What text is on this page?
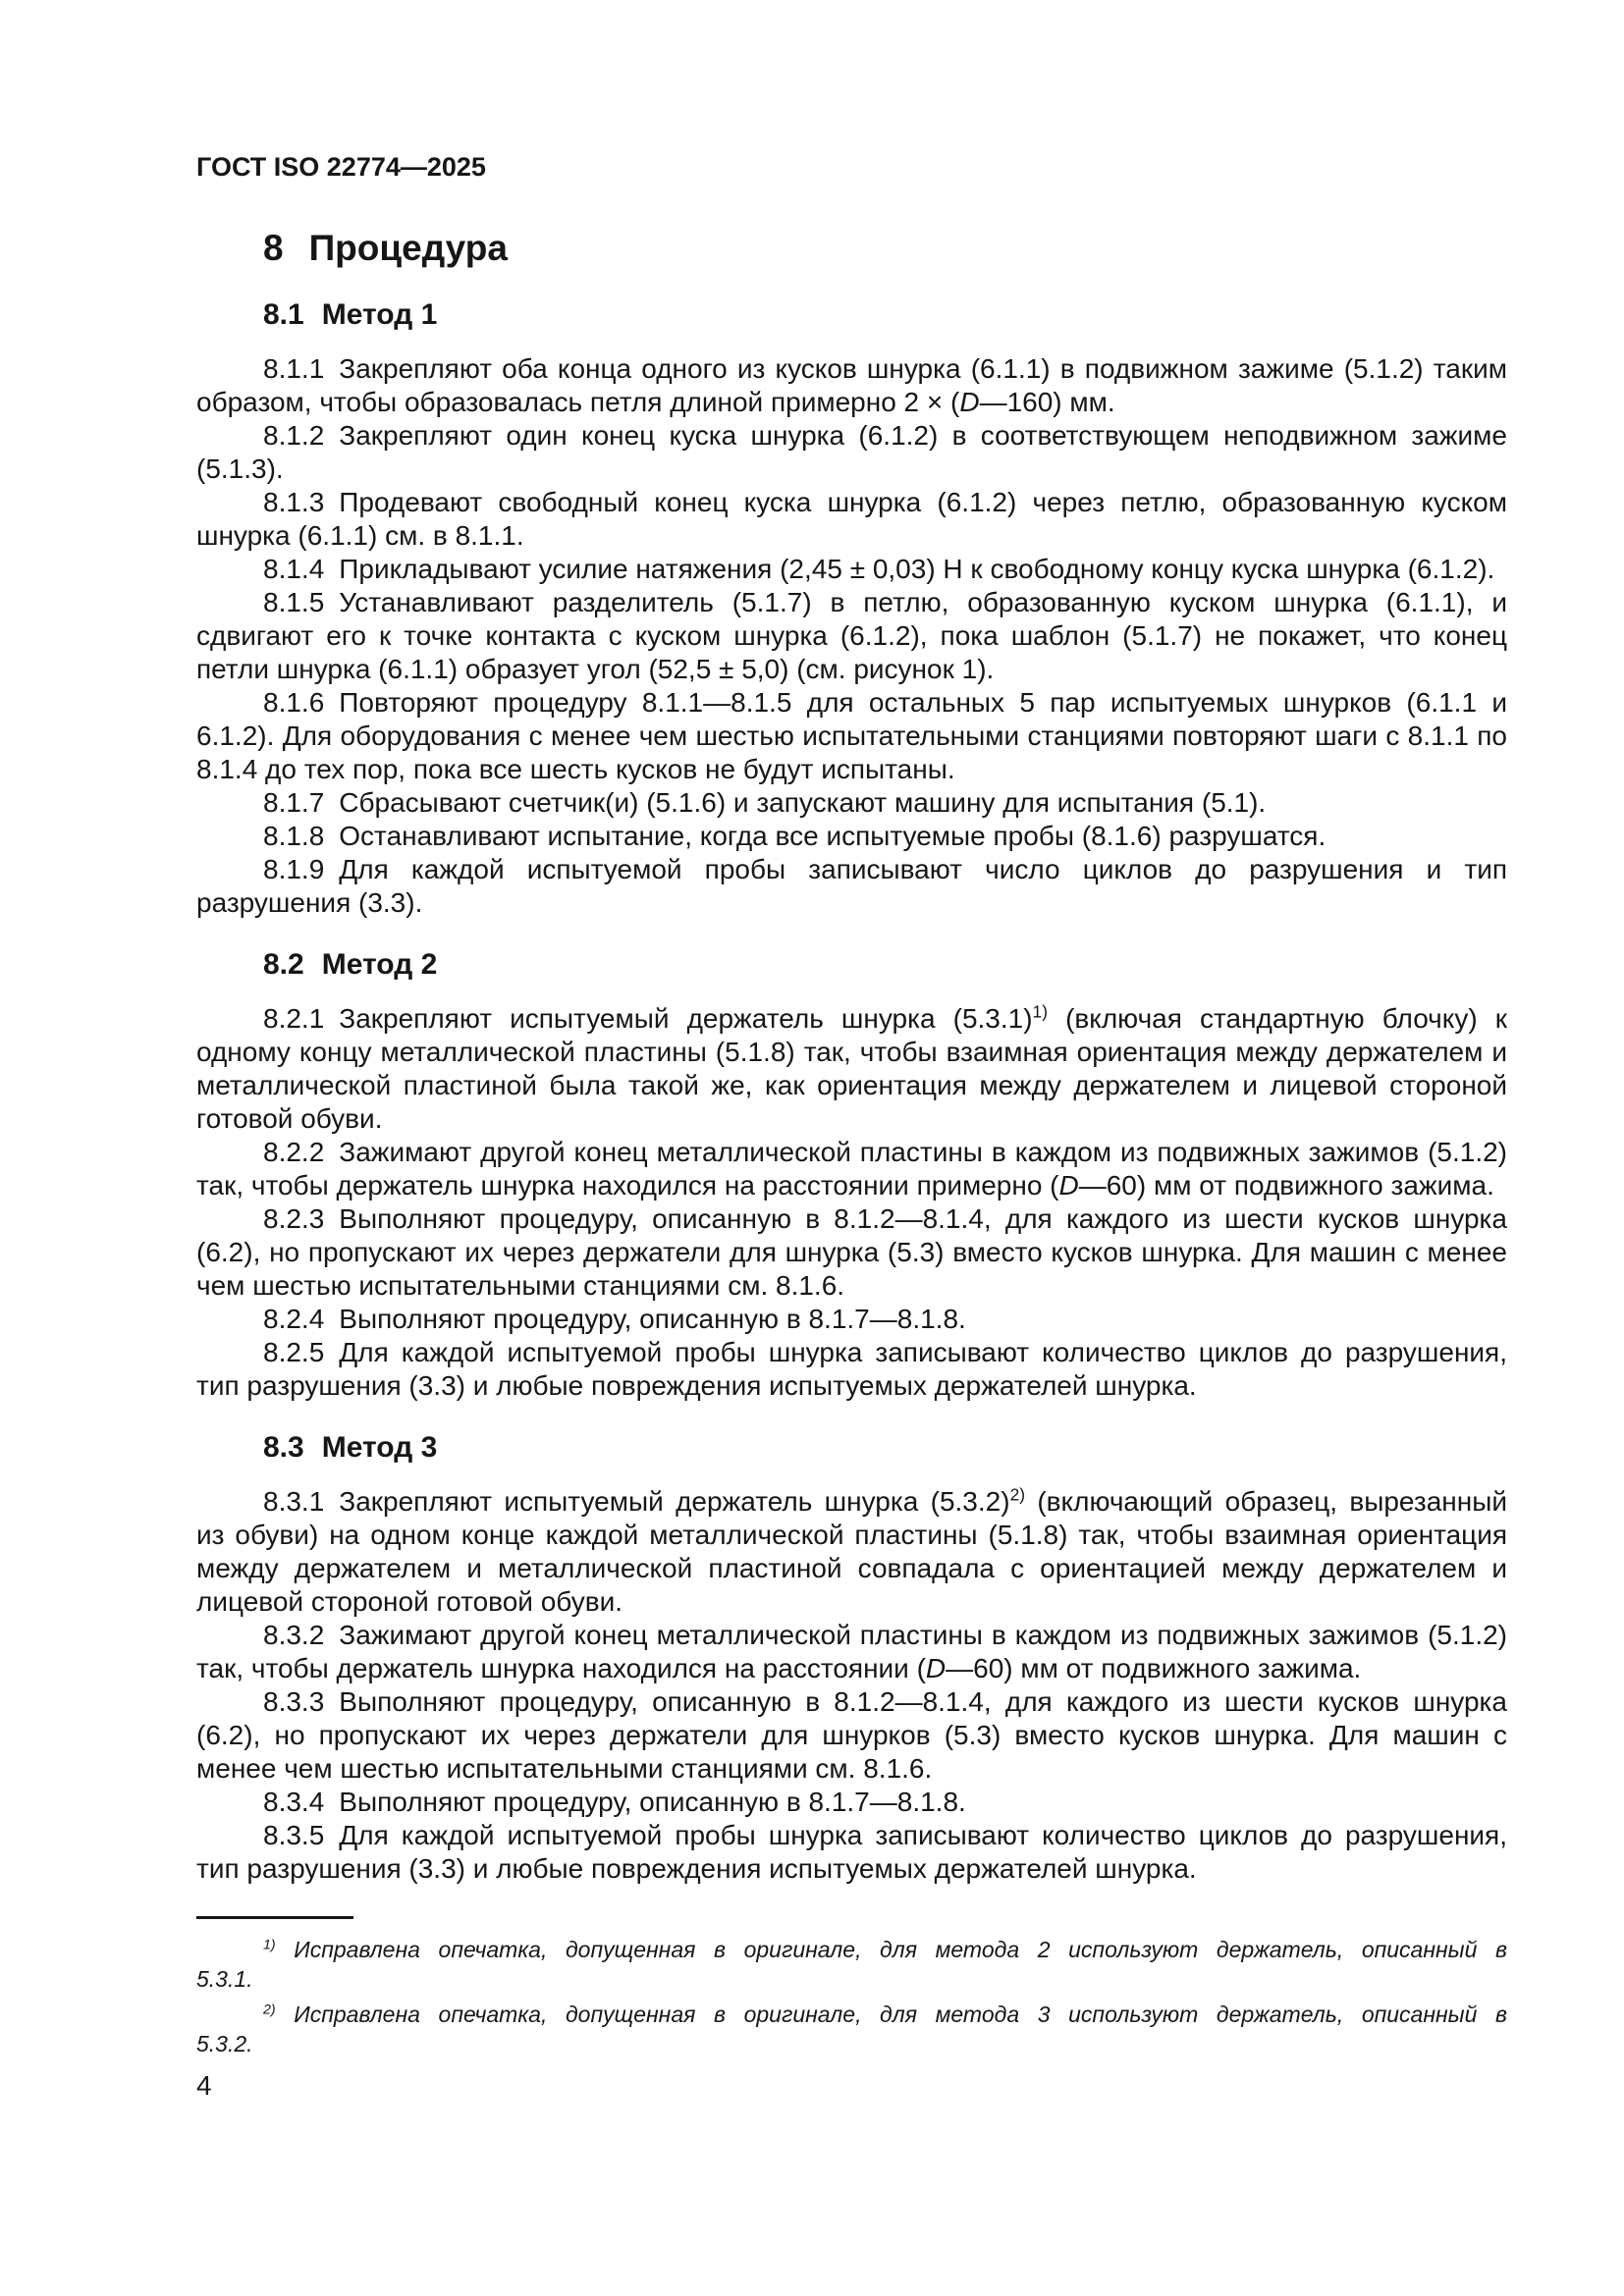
ГОСТ ISO 22774—2025
8 Процедура
8.1 Метод 1

8.1.1 Закрепляют оба конца одного из кусков шнурка (6.1.1) в подвижном зажиме (5.1.2) таким образом, чтобы образовалась петля длиной примерно 2 × (D—160) мм.

8.1.2 Закрепляют один конец куска шнурка (6.1.2) в соответствующем неподвижном зажиме (5.1.3).

8.1.3 Продевают свободный конец куска шнурка (6.1.2) через петлю, образованную куском шнурка (6.1.1) см. в 8.1.1.

8.1.4 Прикладывают усилие натяжения (2,45 ± 0,03) Н к свободному концу куска шнурка (6.1.2).

8.1.5 Устанавливают разделитель (5.1.7) в петлю, образованную куском шнурка (6.1.1), и сдвигают его к точке контакта с куском шнурка (6.1.2), пока шаблон (5.1.7) не покажет, что конец петли шнурка (6.1.1) образует угол (52,5 ± 5,0) (см. рисунок 1).

8.1.6 Повторяют процедуру 8.1.1—8.1.5 для остальных 5 пар испытуемых шнурков (6.1.1 и 6.1.2). Для оборудования с менее чем шестью испытательными станциями повторяют шаги с 8.1.1 по 8.1.4 до тех пор, пока все шесть кусков не будут испытаны.

8.1.7 Сбрасывают счетчик(и) (5.1.6) и запускают машину для испытания (5.1).

8.1.8 Останавливают испытание, когда все испытуемые пробы (8.1.6) разрушатся.

8.1.9 Для каждой испытуемой пробы записывают число циклов до разрушения и тип разрушения (3.3).

8.2 Метод 2

8.2.1 Закрепляют испытуемый держатель шнурка $(5.3.1)^{1)}$ (включая стандартную блочку) к одному концу металлической пластины (5.1.8) так, чтобы взаимная ориентация между держателем и металлической пластиной была такой же, как ориентация между держателем и лицевой стороной готовой обуви.

8.2.2 Зажимают другой конец металлической пластины в каждом из подвижных зажимов (5.1.2) так, чтобы держатель шнурка находился на расстоянии примерно (D—60) мм от подвижного зажима.

8.2.3 Выполняют процедуру, описанную в 8.1.2—8.1.4, для каждого из шести кусков шнурка (6.2), но пропускают их через держатели для шнурка (5.3) вместо кусков шнурка. Для машин с менее чем шестью испытательными станциями см. 8.1.6.

8.2.4 Выполняют процедуру, описанную в 8.1.7—8.1.8.

8.2.5 Для каждой испытуемой пробы шнурка записывают количество циклов до разрушения, тип разрушения (3.3) и любые повреждения испытуемых держателей шнурка.

8.3 Метод 3

8.3.1 Закрепляют испытуемый держатель шнурка $(5.3.2)^{2)}$ (включающий образец, вырезанный из обуви) на одном конце каждой металлической пластины (5.1.8) так, чтобы взаимная ориентация между держателем и металлической пластиной совпадала с ориентацией между держателем и лицевой стороной готовой обуви.

8.3.2 Зажимают другой конец металлической пластины в каждом из подвижных зажимов (5.1.2) так, чтобы держатель шнурка находился на расстоянии (D—60) мм от подвижного зажима.

8.3.3 Выполняют процедуру, описанную в 8.1.2—8.1.4, для каждого из шести кусков шнурка (6.2), но пропускают их через держатели для шнурков (5.3) вместо кусков шнурка. Для машин с менее чем шестью испытательными станциями см. 8.1.6.

8.3.4 Выполняют процедуру, описанную в 8.1.7—8.1.8.

8.3.5 Для каждой испытуемой пробы шнурка записывают количество циклов до разрушения, тип разрушения (3.3) и любые повреждения испытуемых держателей шнурка.

$^{1)}$ Исправлена опечатка, допущенная в оригинале, для метода 2 используют держатель, описанный в
5.3.1.

$^{2)}$ Исправлена опечатка, допущенная в оригинале, для метода 3 используют держатель, описанный в
5.3.2.

4
